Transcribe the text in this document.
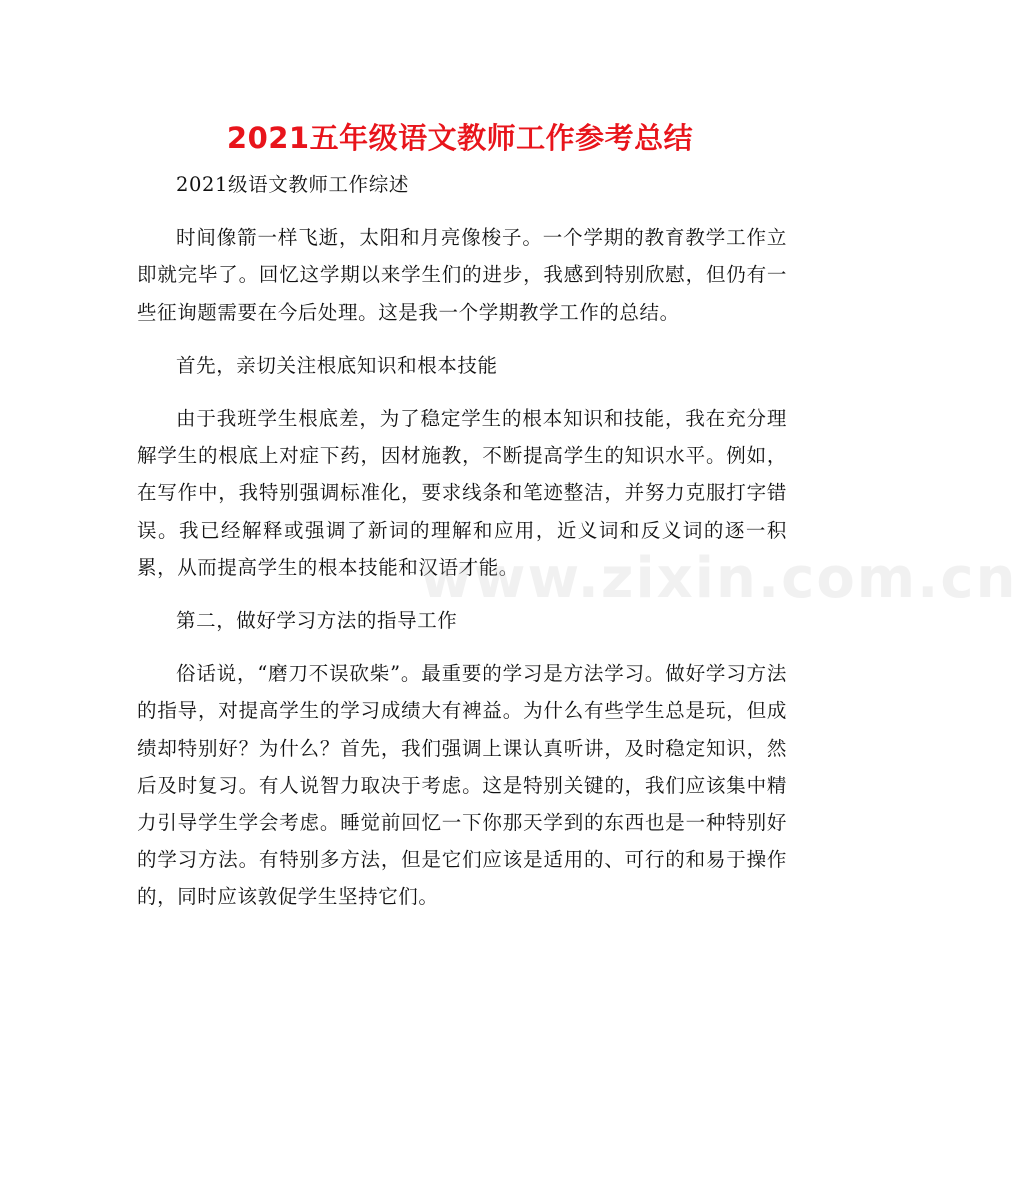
2021五年级语文教师工作参考总结

2021级语文教师工作综述

时间像箭一样飞逝，太阳和月亮像梭子。一个学期的教育教学工作立即就完毕了。回忆这学期以来学生们的进步，我感到特别欣慰，但仍有一些征询题需要在今后处理。这是我一个学期教学工作的总结。

首先，亲切关注根底知识和根本技能

由于我班学生根底差，为了稳定学生的根本知识和技能，我在充分理解学生的根底上对症下药，因材施教，不断提高学生的知识水平。例如，在写作中，我特别强调标准化，要求线条和笔迹整洁，并努力克服打字错误。我已经解释或强调了新词的理解和应用，近义词和反义词的逐一积累，从而提高学生的根本技能和汉语才能。

第二，做好学习方法的指导工作

俗话说，“磨刀不误砍柴”。最重要的学习是方法学习。做好学习方法的指导，对提高学生的学习成绩大有裨益。为什么有些学生总是玩，但成绩却特别好？为什么？首先，我们强调上课认真听讲，及时稳定知识，然后及时复习。有人说智力取决于考虑。这是特别关键的，我们应该集中精力引导学生学会考虑。睡觉前回忆一下你那天学到的东西也是一种特别好的学习方法。有特别多方法，但是它们应该是适用的、可行的和易于操作的，同时应该敦促学生坚持它们。

www.zixin.com.cn
